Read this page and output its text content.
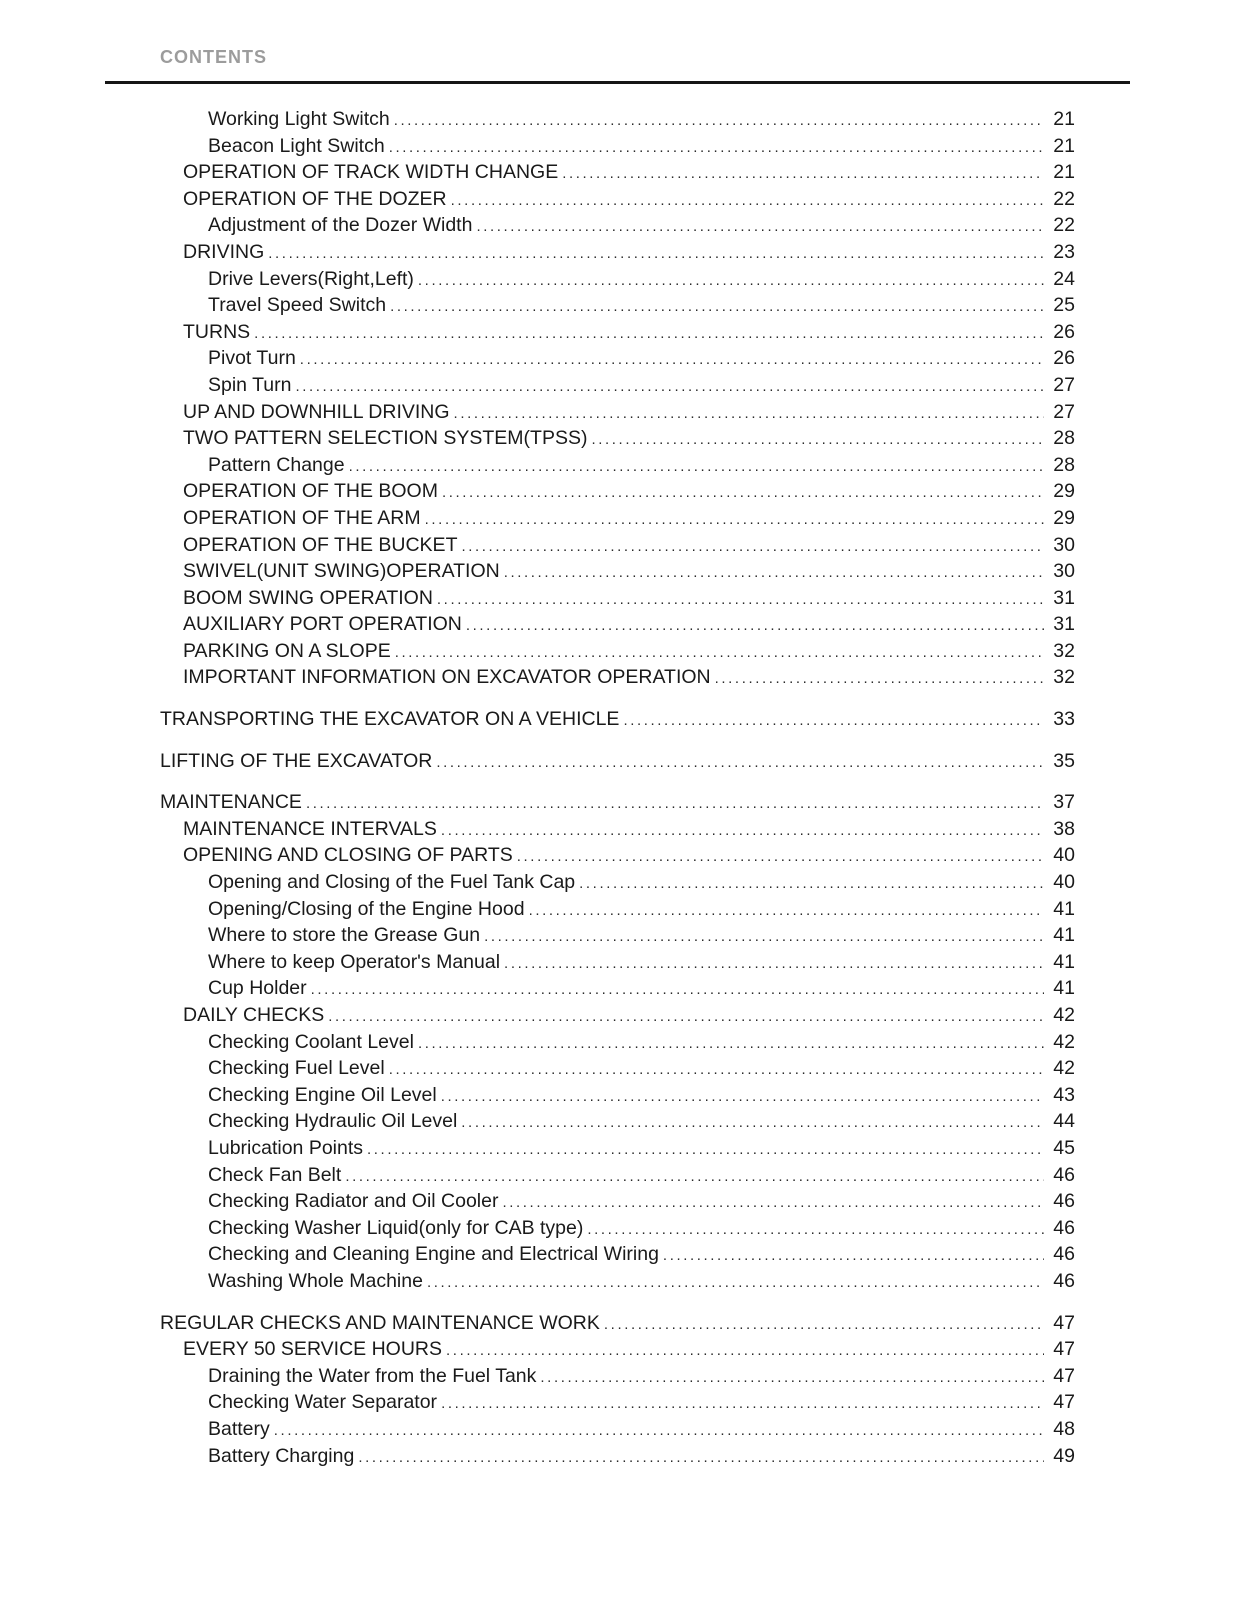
CONTENTS
Working Light Switch .....	21
Beacon Light Switch .....	21
OPERATION OF TRACK WIDTH CHANGE .....	21
OPERATION OF THE DOZER .....	22
Adjustment of the Dozer Width .....	22
DRIVING .....	23
Drive Levers(Right,Left) .....	24
Travel Speed Switch .....	25
TURNS .....	26
Pivot Turn .....	26
Spin Turn .....	27
UP AND DOWNHILL DRIVING .....	27
TWO PATTERN SELECTION SYSTEM(TPSS) .....	28
Pattern Change .....	28
OPERATION OF THE BOOM .....	29
OPERATION OF THE ARM .....	29
OPERATION OF THE BUCKET .....	30
SWIVEL(UNIT SWING)OPERATION .....	30
BOOM SWING OPERATION .....	31
AUXILIARY PORT OPERATION .....	31
PARKING ON A SLOPE .....	32
IMPORTANT INFORMATION ON EXCAVATOR OPERATION .....	32
TRANSPORTING THE EXCAVATOR ON A VEHICLE .....	33
LIFTING OF THE EXCAVATOR .....	35
MAINTENANCE .....	37
MAINTENANCE INTERVALS .....	38
OPENING AND CLOSING OF PARTS .....	40
Opening and Closing of the Fuel Tank Cap .....	40
Opening/Closing of the Engine Hood .....	41
Where to store the Grease Gun .....	41
Where to keep Operator's Manual .....	41
Cup Holder .....	41
DAILY CHECKS .....	42
Checking Coolant Level .....	42
Checking Fuel Level .....	42
Checking Engine Oil Level .....	43
Checking Hydraulic Oil Level .....	44
Lubrication Points .....	45
Check Fan Belt .....	46
Checking Radiator and Oil Cooler .....	46
Checking Washer Liquid(only for CAB type) .....	46
Checking and Cleaning Engine and Electrical Wiring .....	46
Washing Whole Machine .....	46
REGULAR CHECKS AND MAINTENANCE WORK .....	47
EVERY 50 SERVICE HOURS .....	47
Draining the Water from the Fuel Tank .....	47
Checking Water Separator .....	47
Battery .....	48
Battery Charging .....	49
